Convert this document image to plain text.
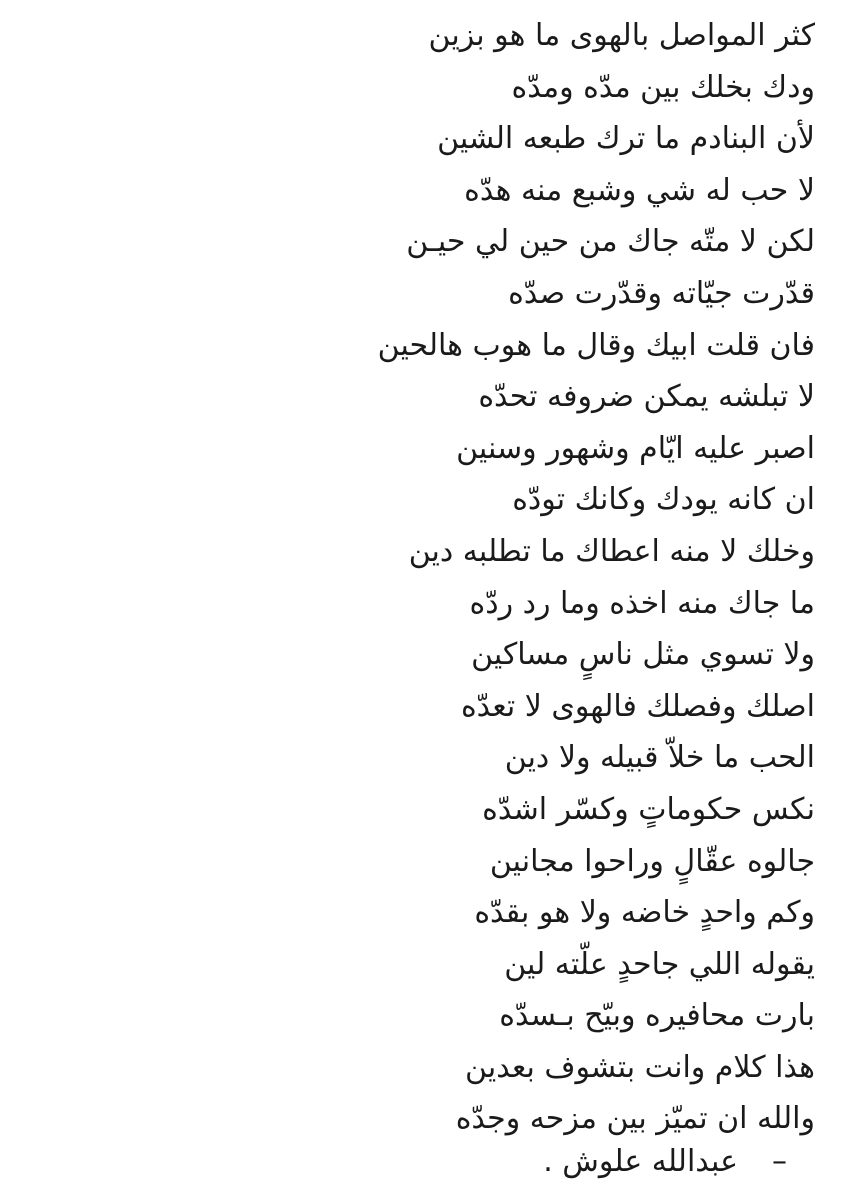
كثر المواصل بالهوى ما هو بزين
ودك بخلك بين مدّه ومدّه
لأن البنادم ما ترك طبعه الشين
لا حب له شي وشبع منه هدّه
لكن لا متّه جاك من حين لي حيـن
قدّرت جيّاته وقدّرت صدّه
فان قلت ابيك وقال ما هوب هالحين
لا تبلشه يمكن ضروفه تحدّه
اصبر عليه ايّام وشهور وسنين
ان كانه يودك وكانك تودّه
وخلك لا منه اعطاك ما تطلبه دين
ما جاك منه اخذه وما رد ردّه
ولا تسوي مثل ناسٍ مساكين
اصلك وفصلك فالهوى لا تعدّه
الحب ما خلاّ قبيله ولا دين
نكس حكوماتٍ وكسّر اشدّه
جالوه عقّالٍ وراحوا مجانين
وكم واحدٍ خاضه ولا هو بقدّه
يقوله اللي جاحدٍ علّته لين
بارت محافيره وبيّح بـسدّه
هذا كلام وانت بتشوف بعدين
والله ان تميّز بين مزحه وجدّه
–عبدالله علوش .
